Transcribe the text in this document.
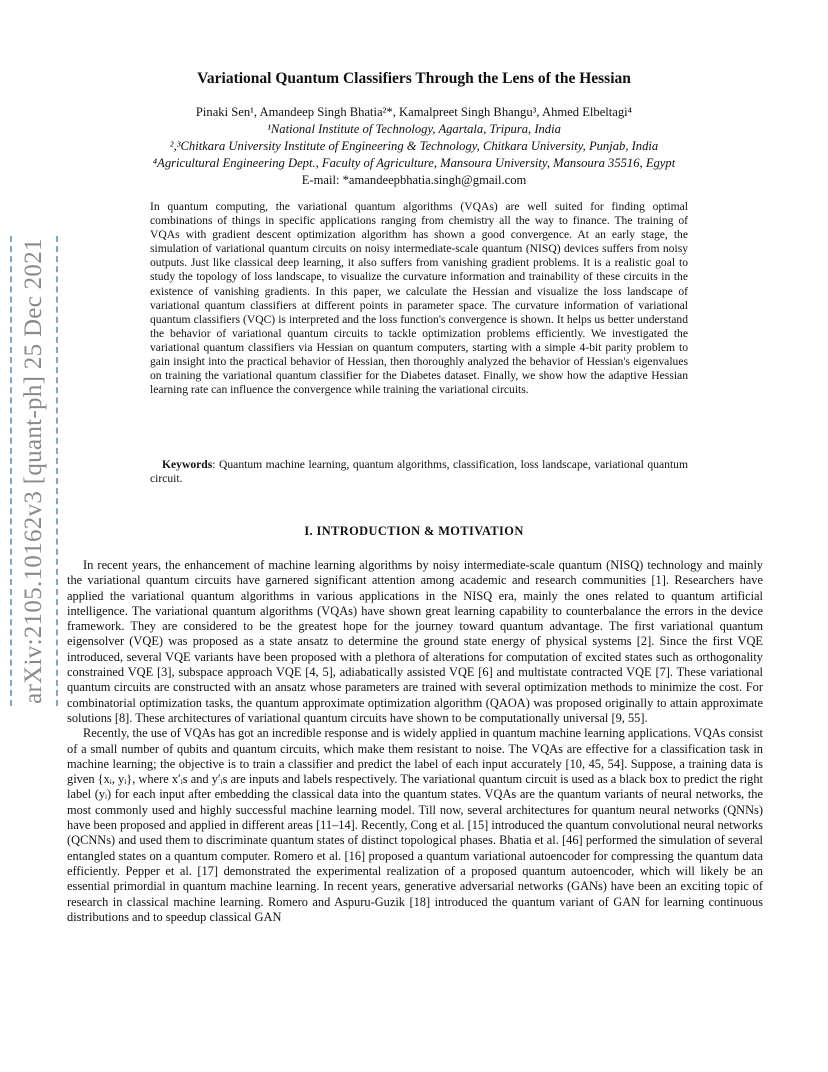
arXiv:2105.10162v3 [quant-ph] 25 Dec 2021
Variational Quantum Classifiers Through the Lens of the Hessian

Pinaki Sen¹, Amandeep Singh Bhatia²*, Kamalpreet Singh Bhangu³, Ahmed Elbeltagi⁴

¹National Institute of Technology, Agartala, Tripura, India

²,³Chitkara University Institute of Engineering & Technology, Chitkara University, Punjab, India

⁴Agricultural Engineering Dept., Faculty of Agriculture, Mansoura University, Mansoura 35516, Egypt

E-mail: *amandeepbhatia.singh@gmail.com

In quantum computing, the variational quantum algorithms (VQAs) are well suited for finding optimal combinations of things in specific applications ranging from chemistry all the way to finance. The training of VQAs with gradient descent optimization algorithm has shown a good convergence. At an early stage, the simulation of variational quantum circuits on noisy intermediate-scale quantum (NISQ) devices suffers from noisy outputs. Just like classical deep learning, it also suffers from vanishing gradient problems. It is a realistic goal to study the topology of loss landscape, to visualize the curvature information and trainability of these circuits in the existence of vanishing gradients. In this paper, we calculate the Hessian and visualize the loss landscape of variational quantum classifiers at different points in parameter space. The curvature information of variational quantum classifiers (VQC) is interpreted and the loss function's convergence is shown. It helps us better understand the behavior of variational quantum circuits to tackle optimization problems efficiently. We investigated the variational quantum classifiers via Hessian on quantum computers, starting with a simple 4-bit parity problem to gain insight into the practical behavior of Hessian, then thoroughly analyzed the behavior of Hessian's eigenvalues on training the variational quantum classifier for the Diabetes dataset. Finally, we show how the adaptive Hessian learning rate can influence the convergence while training the variational circuits.

Keywords: Quantum machine learning, quantum algorithms, classification, loss landscape, variational quantum circuit.

I. INTRODUCTION & MOTIVATION

In recent years, the enhancement of machine learning algorithms by noisy intermediate-scale quantum (NISQ) technology and mainly the variational quantum circuits have garnered significant attention among academic and research communities [1]. Researchers have applied the variational quantum algorithms in various applications in the NISQ era, mainly the ones related to quantum artificial intelligence. The variational quantum algorithms (VQAs) have shown great learning capability to counterbalance the errors in the device framework. They are considered to be the greatest hope for the journey toward quantum advantage. The first variational quantum eigensolver (VQE) was proposed as a state ansatz to determine the ground state energy of physical systems [2]. Since the first VQE introduced, several VQE variants have been proposed with a plethora of alterations for computation of excited states such as orthogonality constrained VQE [3], subspace approach VQE [4, 5], adiabatically assisted VQE [6] and multistate contracted VQE [7]. These variational quantum circuits are constructed with an ansatz whose parameters are trained with several optimization methods to minimize the cost. For combinatorial optimization tasks, the quantum approximate optimization algorithm (QAOA) was proposed originally to attain approximate solutions [8]. These architectures of variational quantum circuits have shown to be computationally universal [9, 55].

Recently, the use of VQAs has got an incredible response and is widely applied in quantum machine learning applications. VQAs consist of a small number of qubits and quantum circuits, which make them resistant to noise. The VQAs are effective for a classification task in machine learning; the objective is to train a classifier and predict the label of each input accurately [10, 45, 54]. Suppose, a training data is given {xᵢ, yᵢ}, where x′ᵢs and y′ᵢs are inputs and labels respectively. The variational quantum circuit is used as a black box to predict the right label (yᵢ) for each input after embedding the classical data into the quantum states. VQAs are the quantum variants of neural networks, the most commonly used and highly successful machine learning model. Till now, several architectures for quantum neural networks (QNNs) have been proposed and applied in different areas [11–14]. Recently, Cong et al. [15] introduced the quantum convolutional neural networks (QCNNs) and used them to discriminate quantum states of distinct topological phases. Bhatia et al. [46] performed the simulation of several entangled states on a quantum computer. Romero et al. [16] proposed a quantum variational autoencoder for compressing the quantum data efficiently. Pepper et al. [17] demonstrated the experimental realization of a proposed quantum autoencoder, which will likely be an essential primordial in quantum machine learning. In recent years, generative adversarial networks (GANs) have been an exciting topic of research in classical machine learning. Romero and Aspuru-Guzik [18] introduced the quantum variant of GAN for learning continuous distributions and to speedup classical GAN
